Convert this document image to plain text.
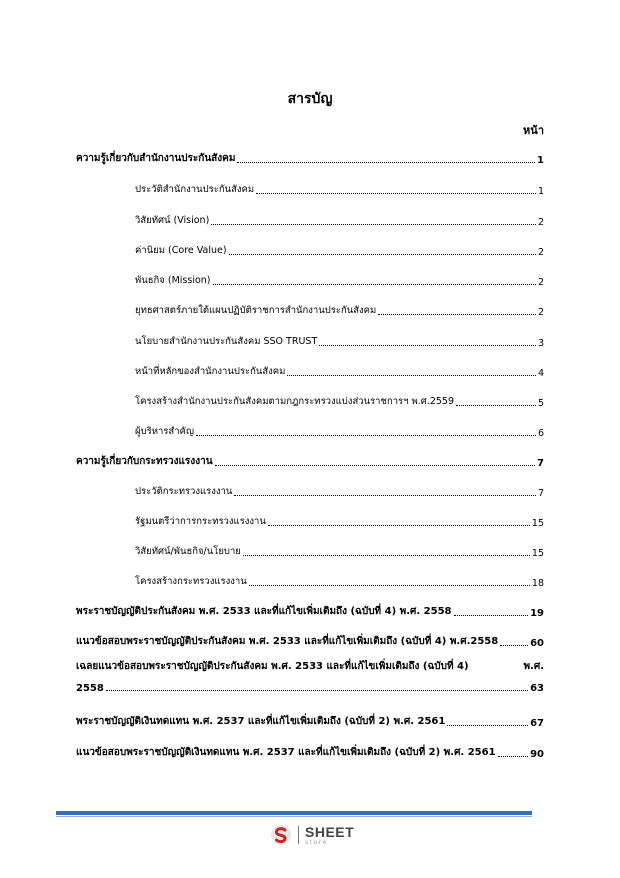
สารบัญ
หน้า
ความรู้เกี่ยวกับสำนักงานประกันสังคม	1
ประวัติสำนักงานประกันสังคม	1
วิสัยทัศน์ (Vision)	2
ค่านิยม (Core Value)	2
พันธกิจ (Mission)	2
ยุทธศาสตร์ภายใต้แผนปฏิบัติราชการสำนักงานประกันสังคม	2
นโยบายสำนักงานประกันสังคม SSO TRUST	3
หน้าที่หลักของสำนักงานประกันสังคม	4
โครงสร้างสำนักงานประกันสังคมตามกฎกระทรวงแบ่งส่วนราชการฯ พ.ศ.2559	5
ผู้บริหารสำคัญ	6
ความรู้เกี่ยวกับกระทรวงแรงงาน	7
ประวัติกระทรวงแรงงาน	7
รัฐมนตรีว่าการกระทรวงแรงงาน	15
วิสัยทัศน์/พันธกิจ/นโยบาย	15
โครงสร้างกระทรวงแรงงาน	18
พระราชบัญญัติประกันสังคม พ.ศ. 2533 และที่แก้ไขเพิ่มเติมถึง (ฉบับที่ 4) พ.ศ. 2558	19
แนวข้อสอบพระราชบัญญัติประกันสังคม พ.ศ. 2533 และที่แก้ไขเพิ่มเติมถึง (ฉบับที่ 4) พ.ศ.2558	60
เฉลยแนวข้อสอบพระราชบัญญัติประกันสังคม พ.ศ. 2533 และที่แก้ไขเพิ่มเติมถึง (ฉบับที่ 4)	พ.ศ.
2558	63
พระราชบัญญัติเงินทดแทน พ.ศ. 2537 และที่แก้ไขเพิ่มเติมถึง (ฉบับที่ 2) พ.ศ. 2561	67
แนวข้อสอบพระราชบัญญัติเงินทดแทน พ.ศ. 2537 และที่แก้ไขเพิ่มเติมถึง (ฉบับที่ 2) พ.ศ. 2561	90
SHEET
store
